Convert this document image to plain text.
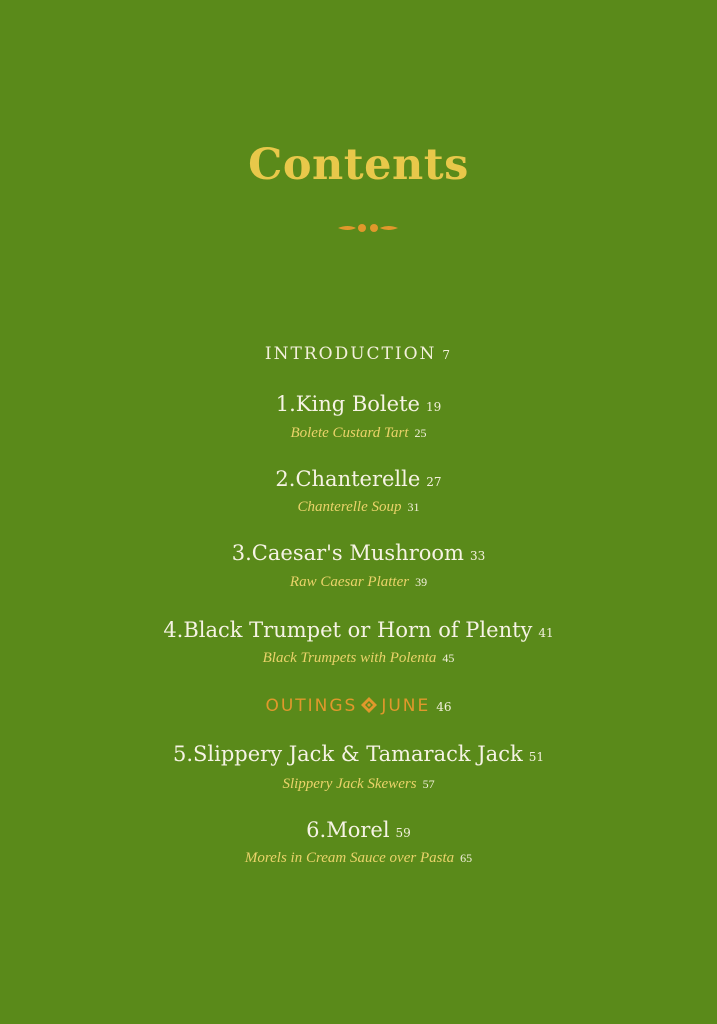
Contents
INTRODUCTION 7
1.King Bolete 19
Bolete Custard Tart 25
2.Chanterelle 27
Chanterelle Soup 31
3.Caesar's Mushroom 33
Raw Caesar Platter 39
4.Black Trumpet or Horn of Plenty 41
Black Trumpets with Polenta 45
OUTINGS JUNE 46
5.Slippery Jack & Tamarack Jack 51
Slippery Jack Skewers 57
6.Morel 59
Morels in Cream Sauce over Pasta 65
